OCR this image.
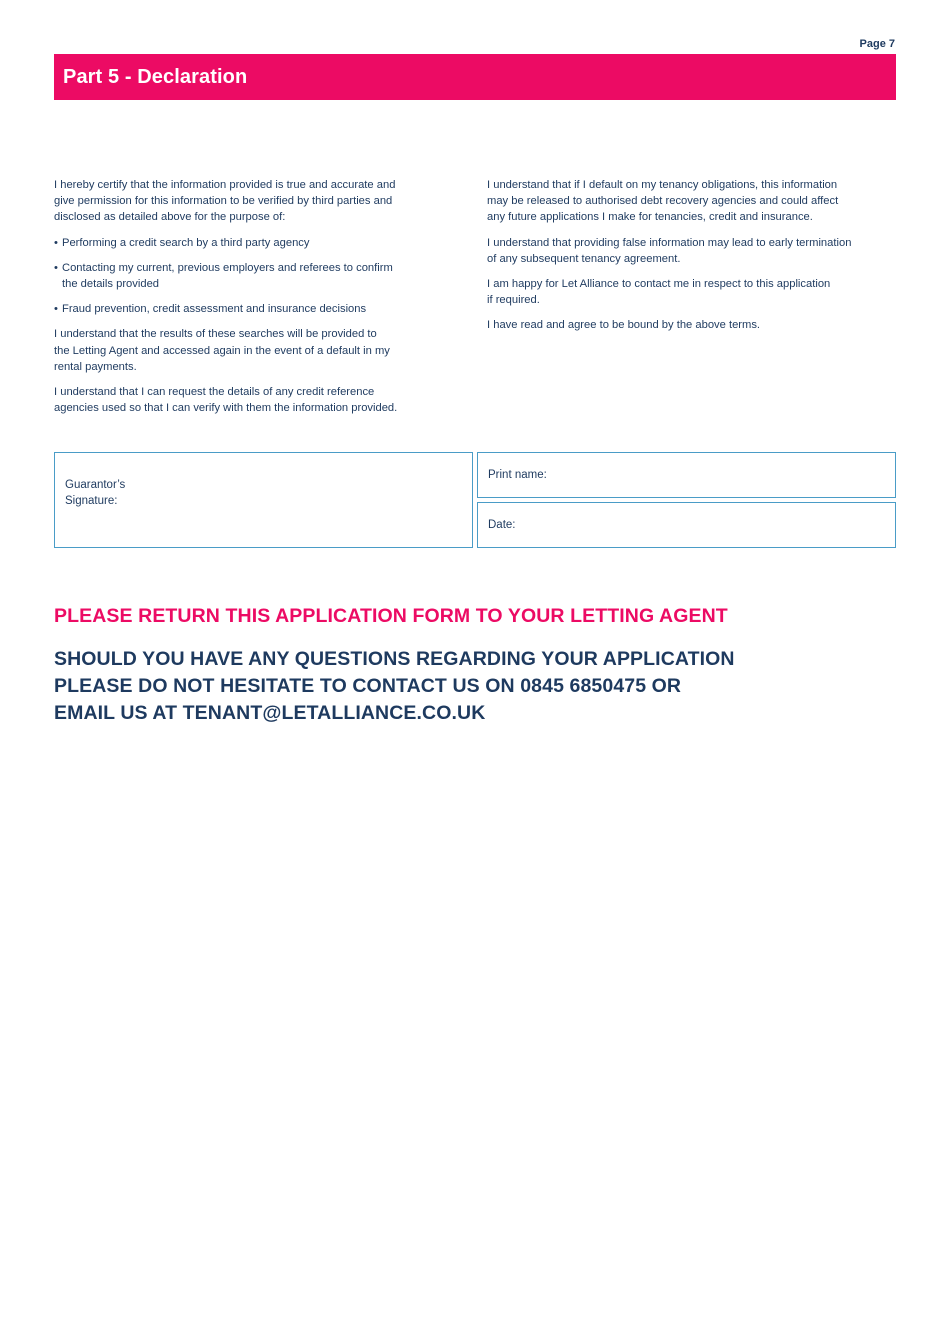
Page 7
Part 5 - Declaration

I hereby certify that the information provided is true and accurate and
give permission for this information to be verified by third parties and
disclosed as detailed above for the purpose of:

• Performing a credit search by a third party agency
• Contacting my current, previous employers and referees to confirm
the details provided
• Fraud prevention, credit assessment and insurance decisions

I understand that the results of these searches will be provided to
the Letting Agent and accessed again in the event of a default in my
rental payments.

I understand that I can request the details of any credit reference
agencies used so that I can verify with them the information provided.

I understand that if I default on my tenancy obligations, this information
may be released to authorised debt recovery agencies and could affect
any future applications I make for tenancies, credit and insurance.

I understand that providing false information may lead to early termination
of any subsequent tenancy agreement.

I am happy for Let Alliance to contact me in respect to this application
if required.

I have read and agree to be bound by the above terms.

Guarantor’s
Signature:

Print name:
Date:
PLEASE RETURN THIS APPLICATION FORM TO YOUR LETTING AGENT
SHOULD YOU HAVE ANY QUESTIONS REGARDING YOUR APPLICATION
PLEASE DO NOT HESITATE TO CONTACT US ON 0845 6850475 OR
EMAIL US AT TENANT@LETALLIANCE.CO.UK
